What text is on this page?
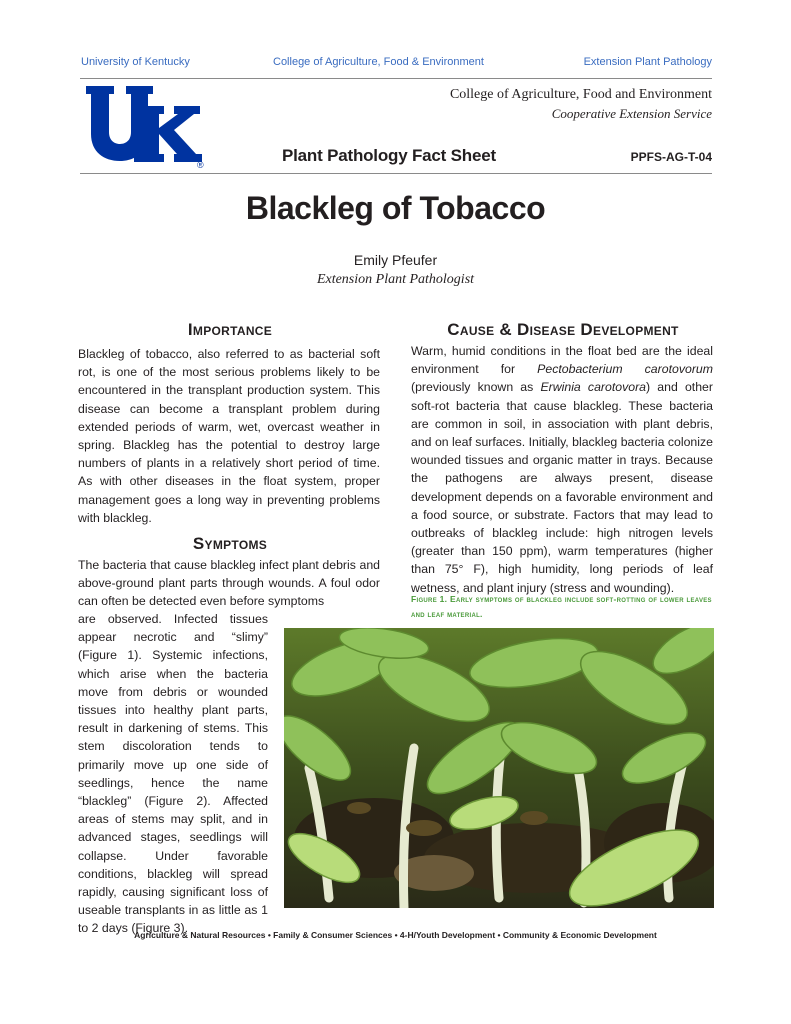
University of Kentucky	College of Agriculture, Food & Environment	Extension Plant Pathology
®
College of Agriculture, Food and Environment
Cooperative Extension Service
Plant Pathology Fact Sheet	PPFS-AG-T-04
Blackleg of Tobacco
Emily Pfeufer
Extension Plant Pathologist
Importance
Blackleg of tobacco, also referred to as bacterial soft rot, is one of the most serious problems likely to be encountered in the transplant production system. This disease can become a transplant problem during extended periods of warm, wet, overcast weather in spring. Blackleg has the potential to destroy large numbers of plants in a relatively short period of time. As with other diseases in the float system, proper management goes a long way in preventing problems with blackleg.
Symptoms
The bacteria that cause blackleg infect plant debris and above-ground plant parts through wounds. A foul odor can often be detected even before symptoms
are observed. Infected tissues appear necrotic and “slimy” (Figure 1). Systemic infections, which arise when the bacteria move from debris or wounded tissues into healthy plant parts, result in darkening of stems. This stem discoloration tends to primarily move up one side of seedlings, hence the name “blackleg” (Figure 2). Affected areas of stems may split, and in advanced stages, seedlings will collapse. Under favorable conditions, blackleg will spread rapidly, causing significant loss of useable transplants in as little as 1 to 2 days (Figure 3).
Cause & Disease Development
Warm, humid conditions in the float bed are the ideal environment for Pectobacterium carotovorum (previously known as Erwinia carotovora) and other soft-rot bacteria that cause blackleg. These bacteria are common in soil, in association with plant debris, and on leaf surfaces. Initially, blackleg bacteria colonize wounded tissues and organic matter in trays. Because the pathogens are always present, disease development depends on a favorable environment and a food source, or substrate. Factors that may lead to outbreaks of blackleg include: high nitrogen levels (greater than 150 ppm), warm temperatures (higher than 75° F), high humidity, long periods of leaf wetness, and plant injury (stress and wounding).
Figure 1. Early symptoms of blackleg include soft-rotting of lower leaves and leaf material.
Agriculture & Natural Resources • Family & Consumer Sciences • 4-H/Youth Development • Community & Economic Development
